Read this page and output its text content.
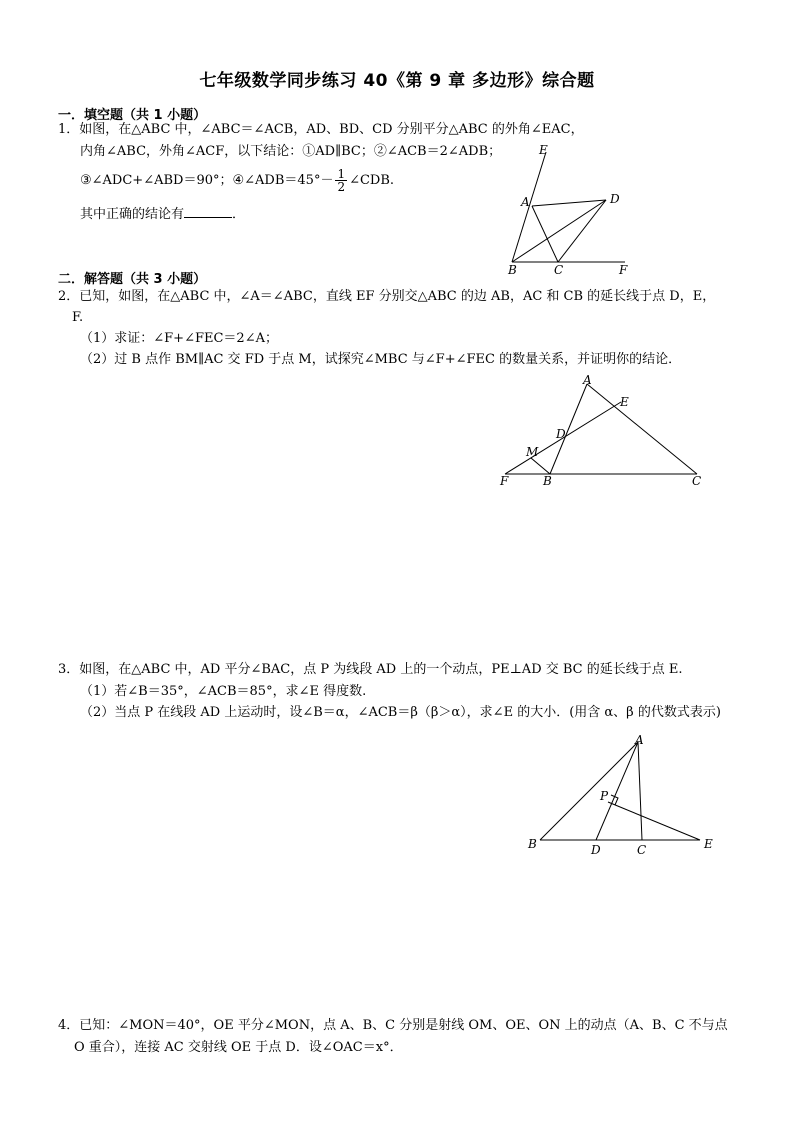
七年级数学同步练习 40《第 9 章 多边形》综合题
一．填空题（共 1 小题）
1．如图，在△ABC 中，∠ABC＝∠ACB，AD、BD、CD 分别平分△ABC 的外角∠EAC，
内角∠ABC，外角∠ACF，以下结论：①AD∥BC；②∠ACB＝2∠ADB；
③∠ADC+∠ABD＝90°；④∠ADB＝45°－ $\frac{1}{2}$ ∠CDB.
其中正确的结论有	．
E
A	D
B	C	F
二．解答题（共 3 小题）
2．已知，如图，在△ABC 中，∠A＝∠ABC，直线 EF 分别交△ABC 的边 AB，AC 和 CB 的延长线于点 D，E，
F.
（1）求证：∠F+∠FEC＝2∠A；
（2）过 B 点作 BM∥AC 交 FD 于点 M，试探究∠MBC 与∠F+∠FEC 的数量关系，并证明你的结论．
A
E
D
M
F	B	C
3．如图，在△ABC 中，AD 平分∠BAC，点 P 为线段 AD 上的一个动点，PE⊥AD 交 BC 的延长线于点 E.
（1）若∠B＝35°，∠ACB＝85°，求∠E 得度数.
（2）当点 P 在线段 AD 上运动时，设∠B＝α，∠ACB＝β（β＞α），求∠E 的大小．(用含 α、β 的代数式表示)
A
P
B	D	C	E
4．已知：∠MON＝40°，OE 平分∠MON，点 A、B、C 分别是射线 OM、OE、ON 上的动点（A、B、C 不与点
O 重合），连接 AC 交射线 OE 于点 D．设∠OAC＝x°．
